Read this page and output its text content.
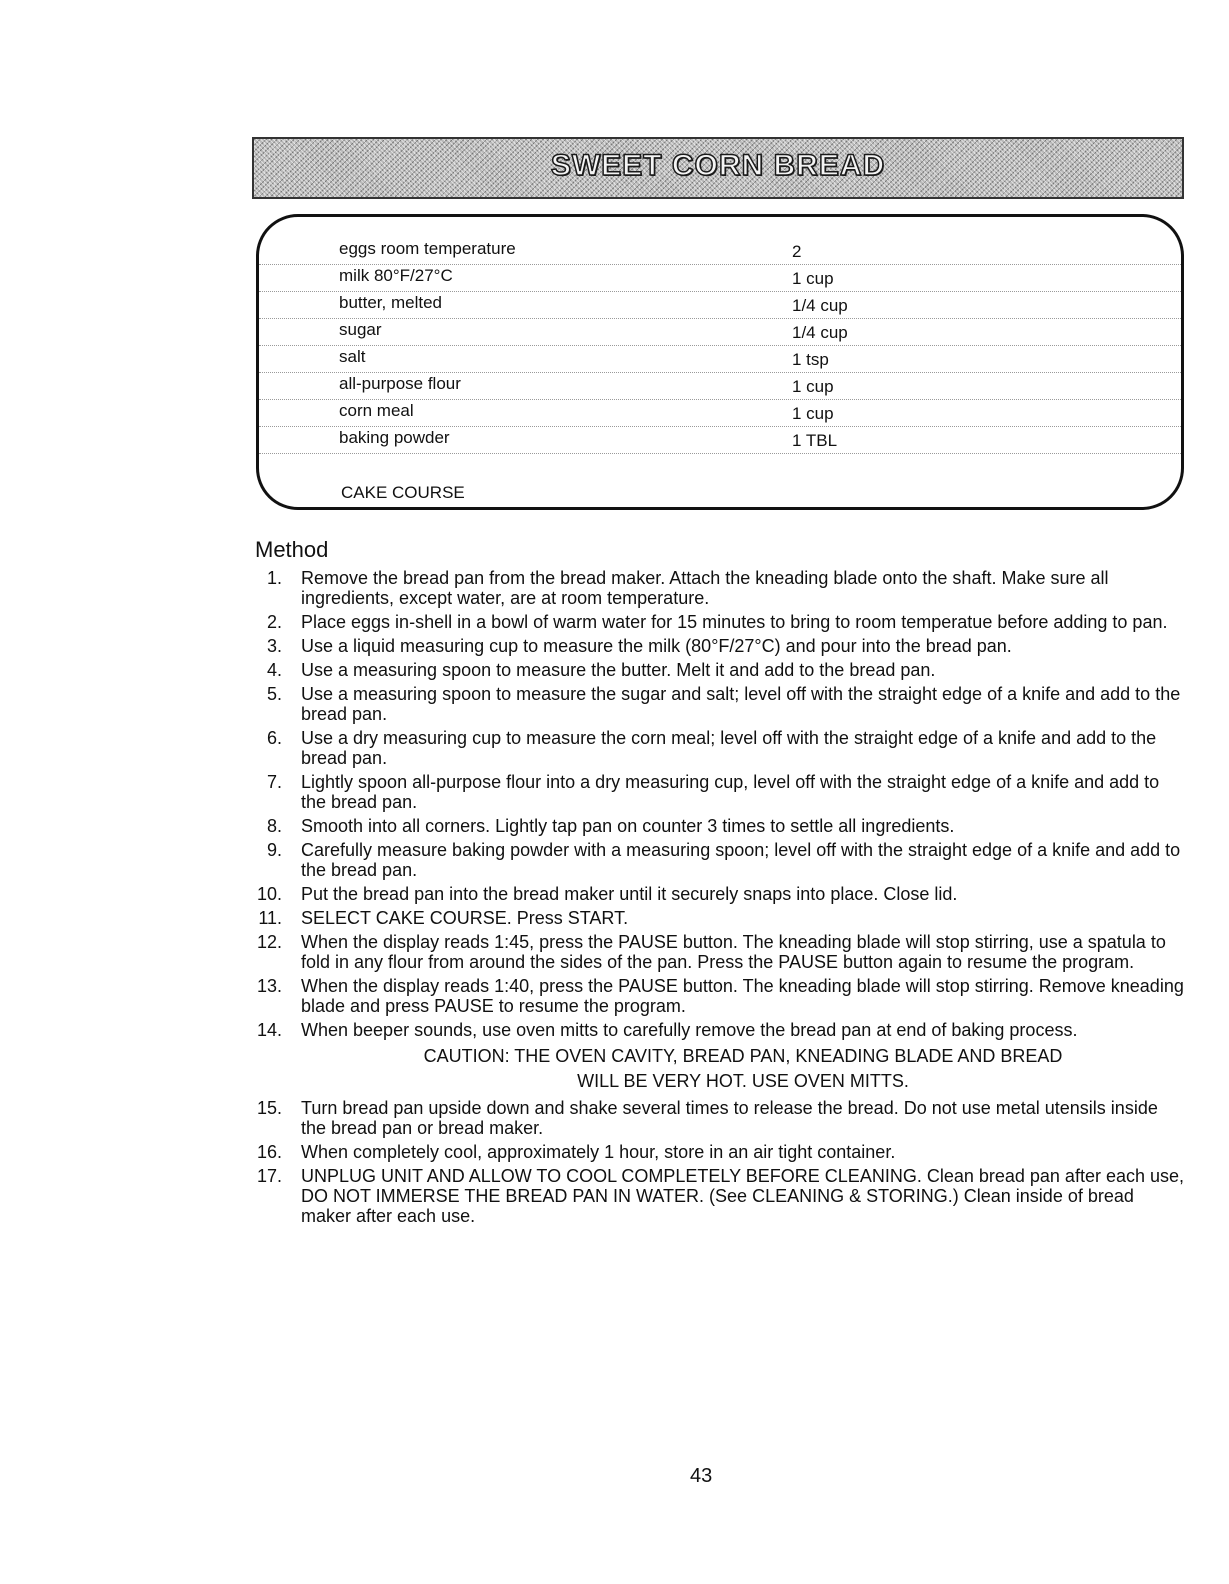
SWEET CORN BREAD
eggs room temperature	2
milk 80°F/27°C	1 cup
butter, melted	1/4 cup
sugar	1/4 cup
salt	1 tsp
all-purpose flour	1 cup
corn meal	1 cup
baking powder	1 TBL
CAKE COURSE
Method
1. Remove the bread pan from the bread maker. Attach the kneading blade onto the shaft. Make sure all ingredients, except water, are at room temperature.
2. Place eggs in-shell in a bowl of warm water for 15 minutes to bring to room temperatue before adding to pan.
3. Use a liquid measuring cup to measure the milk (80°F/27°C) and pour into the bread pan.
4. Use a measuring spoon to measure the butter. Melt it and add to the bread pan.
5. Use a measuring spoon to measure the sugar and salt; level off with the straight edge of a knife and add to the bread pan.
6. Use a dry measuring cup to measure the corn meal; level off with the straight edge of a knife and add to the bread pan.
7. Lightly spoon all-purpose flour into a dry measuring cup, level off with the straight edge of a knife and add to the bread pan.
8. Smooth into all corners. Lightly tap pan on counter 3 times to settle all ingredients.
9. Carefully measure baking powder with a measuring spoon; level off with the straight edge of a knife and add to the bread pan.
10. Put the bread pan into the bread maker until it securely snaps into place. Close lid.
11. SELECT CAKE COURSE. Press START.
12. When the display reads 1:45, press the PAUSE button. The kneading blade will stop stirring, use a spatula to fold in any flour from around the sides of the pan. Press the PAUSE button again to resume the program.
13. When the display reads 1:40, press the PAUSE button. The kneading blade will stop stirring. Remove kneading blade and press PAUSE to resume the program.
14. When beeper sounds, use oven mitts to carefully remove the bread pan at end of baking process.
CAUTION: THE OVEN CAVITY, BREAD PAN, KNEADING BLADE AND BREAD
WILL BE VERY HOT. USE OVEN MITTS.
15. Turn bread pan upside down and shake several times to release the bread. Do not use metal utensils inside the bread pan or bread maker.
16. When completely cool, approximately 1 hour, store in an air tight container.
17. UNPLUG UNIT AND ALLOW TO COOL COMPLETELY BEFORE CLEANING. Clean bread pan after each use, DO NOT IMMERSE THE BREAD PAN IN WATER. (See CLEANING & STORING.) Clean inside of bread maker after each use.
43
